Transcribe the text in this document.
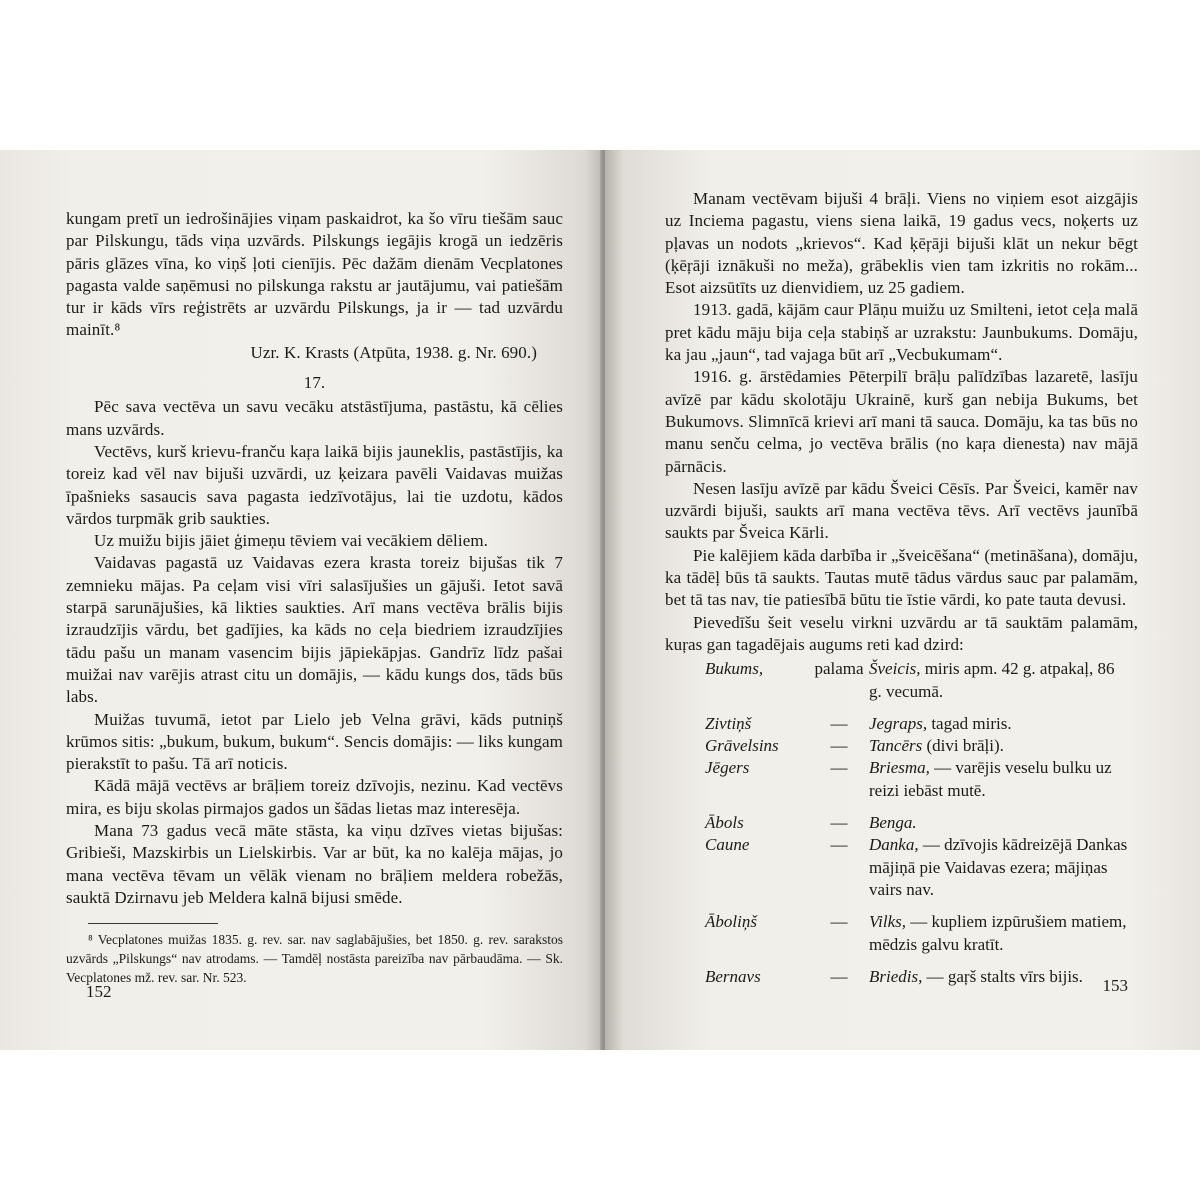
kungam pretī un iedrošinājies viņam paskaidrot, ka šo vīru tiešām sauc par Pilskungu, tāds viņa uzvārds. Pilskungs iegājis krogā un iedzēris pāris glāzes vīna, ko viņš ļoti cienījis. Pēc dažām dienām Vecplatones pagasta valde saņēmusi no pilskunga rakstu ar jautājumu, vai patiešām tur ir kāds vīrs reģistrēts ar uzvārdu Pilskungs, ja ir — tad uzvārdu mainīt.⁸

Uzr. K. Krasts (Atpūta, 1938. g. Nr. 690.)

17.

Pēc sava vectēva un savu vecāku atstāstījuma, pastāstu, kā cēlies mans uzvārds.

Vectēvs, kurš krievu-franču kaŗa laikā bijis jauneklis, pastāstījis, ka toreiz kad vēl nav bijuši uzvārdi, uz ķeizara pavēli Vaidavas muižas īpašnieks sasaucis sava pagasta iedzīvotājus, lai tie uzdotu, kādos vārdos turpmāk grib saukties.

Uz muižu bijis jāiet ģimeņu tēviem vai vecākiem dēliem.

Vaidavas pagastā uz Vaidavas ezera krasta toreiz bijušas tik 7 zemnieku mājas. Pa ceļam visi vīri salasījušies un gājuši. Ietot savā starpā sarunājušies, kā likties saukties. Arī mans vectēva brālis bijis izraudzījis vārdu, bet gadījies, ka kāds no ceļa biedriem izraudzījies tādu pašu un manam vasencim bijis jāpiekāpjas. Gandrīz līdz pašai muižai nav varējis atrast citu un domājis, — kādu kungs dos, tāds būs labs.

Muižas tuvumā, ietot par Lielo jeb Velna grāvi, kāds putniņš krūmos sitis: „bukum, bukum, bukum“. Sencis domājis: — liks kungam pierakstīt to pašu. Tā arī noticis.

Kādā mājā vectēvs ar brāļiem toreiz dzīvojis, nezinu. Kad vectēvs mira, es biju skolas pirmajos gados un šādas lietas maz interesēja.

Mana 73 gadus vecā māte stāsta, ka viņu dzīves vietas bijušas: Gribieši, Mazskirbis un Lielskirbis. Var ar būt, ka no kalēja mājas, jo mana vectēva tēvam un vēlāk vienam no brāļiem meldera robežās, sauktā Dzirnavu jeb Meldera kalnā bijusi smēde.

⁸ Vecplatones muižas 1835. g. rev. sar. nav saglabājušies, bet 1850. g. rev. sarakstos uzvārds „Pilskungs“ nav atrodams. — Tamdēļ nostāsta pareizība nav pārbaudāma. — Sk. Vecplatones mž. rev. sar. Nr. 523.

152

Manam vectēvam bijuši 4 brāļi. Viens no viņiem esot aizgājis uz Inciema pagastu, viens siena laikā, 19 gadus vecs, noķerts uz pļavas un nodots „krievos“. Kad ķēŗāji bijuši klāt un nekur bēgt (ķēŗāji iznākuši no meža), grābeklis vien tam izkritis no rokām... Esot aizsūtīts uz dienvidiem, uz 25 gadiem.

1913. gadā, kājām caur Plāņu muižu uz Smilteni, ietot ceļa malā pret kādu māju bija ceļa stabiņš ar uzrakstu: Jaunbukums. Domāju, ka jau „jaun“, tad vajaga būt arī „Vecbukumam“.

1916. g. ārstēdamies Pēterpilī brāļu palīdzības lazaretē, lasīju avīzē par kādu skolotāju Ukrainē, kurš gan nebija Bukums, bet Bukumovs. Slimnīcā krievi arī mani tā sauca. Domāju, ka tas būs no manu senču celma, jo vectēva brālis (no kaŗa dienesta) nav mājā pārnācis.

Nesen lasīju avīzē par kādu Šveici Cēsīs. Par Šveici, kamēr nav uzvārdi bijuši, saukts arī mana vectēva tēvs. Arī vectēvs jaunībā saukts par Šveica Kārli.

Pie kalējiem kāda darbība ir „šveicēšana“ (metināšana), domāju, ka tādēļ būs tā saukts. Tautas mutē tādus vārdus sauc par palamām, bet tā tas nav, tie patiesībā būtu tie īstie vārdi, ko pate tauta devusi.

Pievedīšu šeit veselu virkni uzvārdu ar tā sauktām palamām, kuŗas gan tagadējais augums reti kad dzird:

Bukums,	palama	Šveicis, miris apm. 42 g. atpakaļ, 86 g. vecumā.
Zivtiņš	—	Jegraps, tagad miris.
Grāvelsins	—	Tancērs (divi brāļi).
Jēgers	—	Briesma, — varējis veselu bulku uz reizi iebāst mutē.
Ābols	—	Benga.
Caune	—	Danka, — dzīvojis kādreizējā Dankas mājiņā pie Vaidavas ezera; mājiņas vairs nav.
Āboliņš	—	Vilks, — kupliem izpūrušiem matiem, mēdzis galvu kratīt.
Bernavs	—	Briedis, — gaŗš stalts vīrs bijis. 153
